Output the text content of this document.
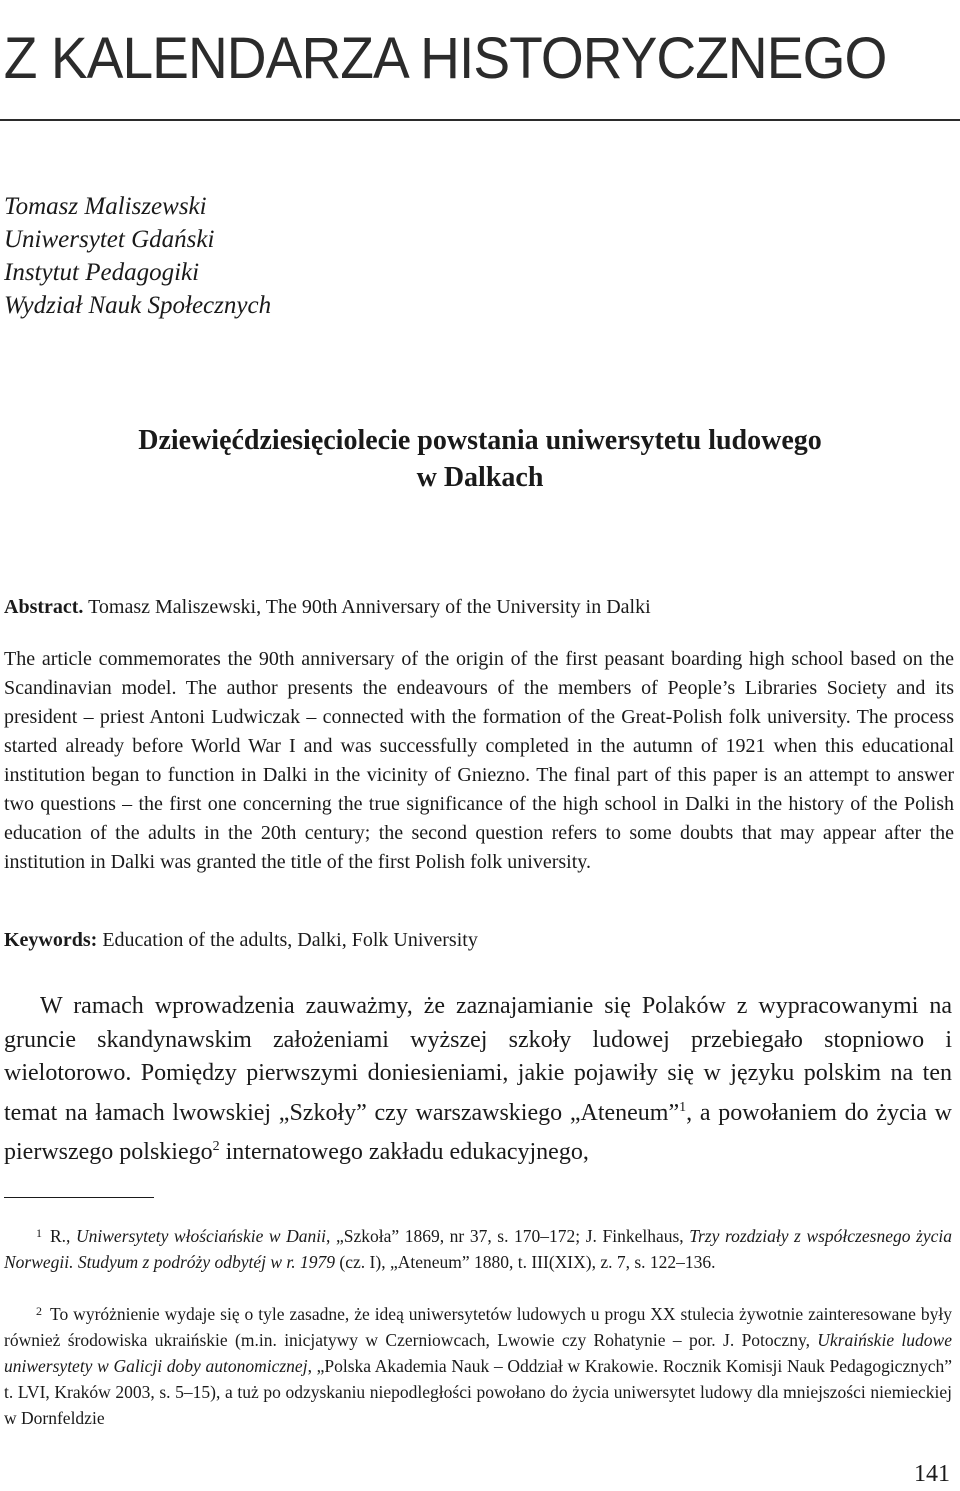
Z KALENDARZA HISTORYCZNEGO
Tomasz Maliszewski
Uniwersytet Gdański
Instytut Pedagogiki
Wydział Nauk Społecznych
Dziewięćdziesięciolecie powstania uniwersytetu ludowego
w Dalkach
Abstract. Tomasz Maliszewski, The 90th Anniversary of the University in Dalki
The article commemorates the 90th anniversary of the origin of the first peasant boarding high school based on the Scandinavian model. The author presents the endeavours of the members of People’s Libraries Society and its president – priest Antoni Ludwiczak – connected with the formation of the Great-Polish folk university. The process started already before World War I and was successfully completed in the autumn of 1921 when this educational institution began to function in Dalki in the vicinity of Gniezno. The final part of this paper is an attempt to answer two questions – the first one concerning the true significance of the high school in Dalki in the history of the Polish education of the adults in the 20th century; the second question refers to some doubts that may appear after the institution in Dalki was granted the title of the first Polish folk university.
Keywords: Education of the adults, Dalki, Folk University
W ramach wprowadzenia zauważmy, że zaznajamianie się Polaków z wypracowanymi na gruncie skandynawskim założeniami wyższej szkoły ludowej przebiegało stopniowo i wielotorowo. Pomiędzy pierwszymi doniesieniami, jakie pojawiły się w języku polskim na ten temat na łamach lwowskiej „Szkoły” czy warszawskiego „Ateneum”$^1$, a powołaniem do życia w pierwszego polskiego$^2$ internatowego zakładu edukacyjnego,
$^1$ R., Uniwersytety włościańskie w Danii, „Szkoła” 1869, nr 37, s. 170–172; J. Finkelhaus, Trzy rozdziały z współczesnego życia Norwegii. Studyum z podróży odbytéj w r. 1979 (cz. I), „Ateneum” 1880, t. III(XIX), z. 7, s. 122–136.
$^2$ To wyróżnienie wydaje się o tyle zasadne, że ideą uniwersytetów ludowych u progu XX stulecia żywotnie zainteresowane były również środowiska ukraińskie (m.in. inicjatywy w Czerniowcach, Lwowie czy Rohatynie – por. J. Potoczny, Ukraińskie ludowe uniwersytety w Galicji doby autonomicznej, „Polska Akademia Nauk – Oddział w Krakowie. Rocznik Komisji Nauk Pedagogicznych” t. LVI, Kraków 2003, s. 5–15), a tuż po odzyskaniu niepodległości powołano do życia uniwersytet ludowy dla mniejszości niemieckiej w Dornfeldzie
141
